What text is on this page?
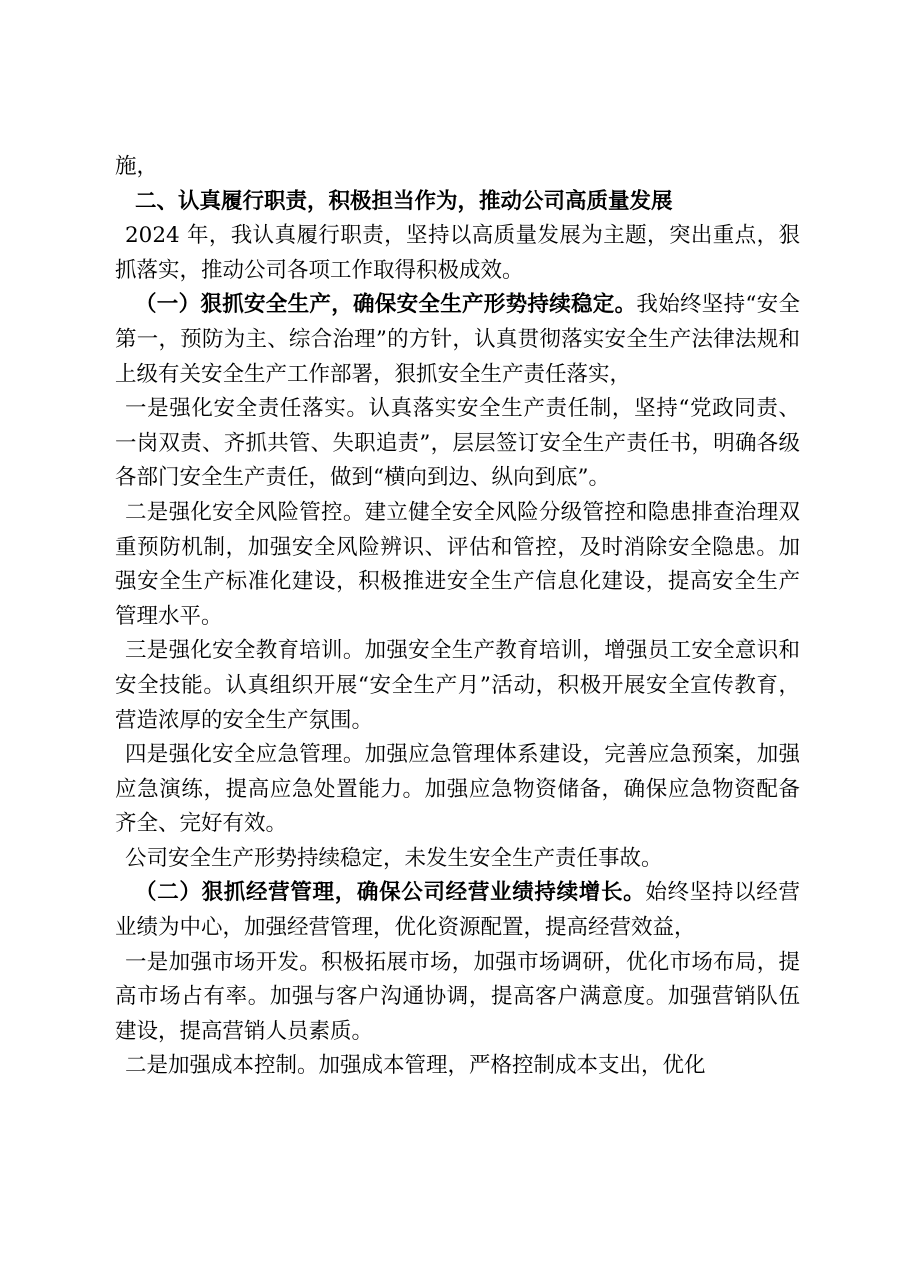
施，

二、认真履行职责，积极担当作为，推动公司高质量发展

2024 年，我认真履行职责，坚持以高质量发展为主题，突出重点，狠抓落实，推动公司各项工作取得积极成效。

（一）狠抓安全生产，确保安全生产形势持续稳定。我始终坚持“安全第一，预防为主、综合治理”的方针，认真贯彻落实安全生产法律法规和上级有关安全生产工作部署，狠抓安全生产责任落实，

一是强化安全责任落实。认真落实安全生产责任制，坚持“党政同责、一岗双责、齐抓共管、失职追责”，层层签订安全生产责任书，明确各级各部门安全生产责任，做到“横向到边、纵向到底”。

二是强化安全风险管控。建立健全安全风险分级管控和隐患排查治理双重预防机制，加强安全风险辨识、评估和管控，及时消除安全隐患。加强安全生产标准化建设，积极推进安全生产信息化建设，提高安全生产管理水平。

三是强化安全教育培训。加强安全生产教育培训，增强员工安全意识和安全技能。认真组织开展“安全生产月”活动，积极开展安全宣传教育，营造浓厚的安全生产氛围。

四是强化安全应急管理。加强应急管理体系建设，完善应急预案，加强应急演练，提高应急处置能力。加强应急物资储备，确保应急物资配备齐全、完好有效。

公司安全生产形势持续稳定，未发生安全生产责任事故。

（二）狠抓经营管理，确保公司经营业绩持续增长。始终坚持以经营业绩为中心，加强经营管理，优化资源配置，提高经营效益，

一是加强市场开发。积极拓展市场，加强市场调研，优化市场布局，提高市场占有率。加强与客户沟通协调，提高客户满意度。加强营销队伍建设，提高营销人员素质。

二是加强成本控制。加强成本管理，严格控制成本支出，优化
